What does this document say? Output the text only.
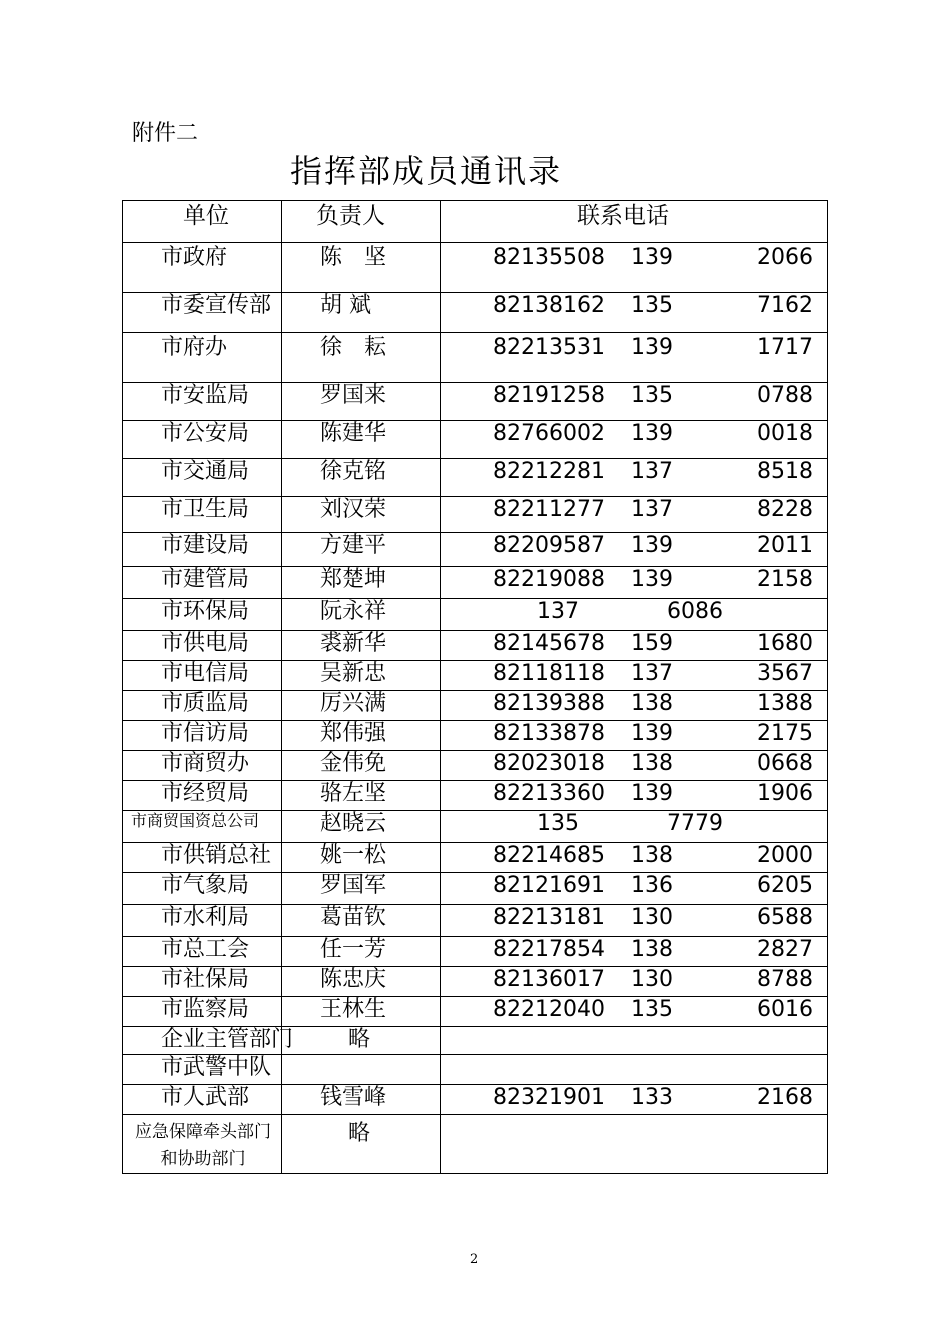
附件二
指挥部成员通讯录
单位	负责人	联系电话
市政府	陈　坚	82135508 139 2066

市委宣传部	胡 斌	82138162 135 7162

市府办	徐　耘	82213531 139 1717

市安监局	罗国来	82191258 135 0788

市公安局	陈建华	82766002 139 0018

市交通局	徐克铭	82212281 137 8518

市卫生局	刘汉荣	82211277 137 8228

市建设局	方建平	82209587 139 2011

市建管局	郑楚坤	82219088 139 2158

市环保局	阮永祥	137 6086

市供电局	裘新华	82145678 159 1680

市电信局	吴新忠	82118118 137 3567

市质监局	厉兴满	82139388 138 1388

市信访局	郑伟强	82133878 139 2175

市商贸办	金伟免	82023018 138 0668

市经贸局	骆左坚	82213360 139 1906

市商贸国资总公司	赵晓云	135 7779

市供销总社	姚一松	82214685 138 2000

市气象局	罗国军	82121691 136 6205

市水利局	葛苗钦	82213181 130 6588

市总工会	任一芳	82217854 138 2827

市社保局	陈忠庆	82136017 130 8788

市监察局	王林生	82212040 135 6016

企业主管部门	略	
市武警中队		
市人武部	钱雪峰	82321901 133 2168

应急保障牵头部门和协助部门	略	
2
